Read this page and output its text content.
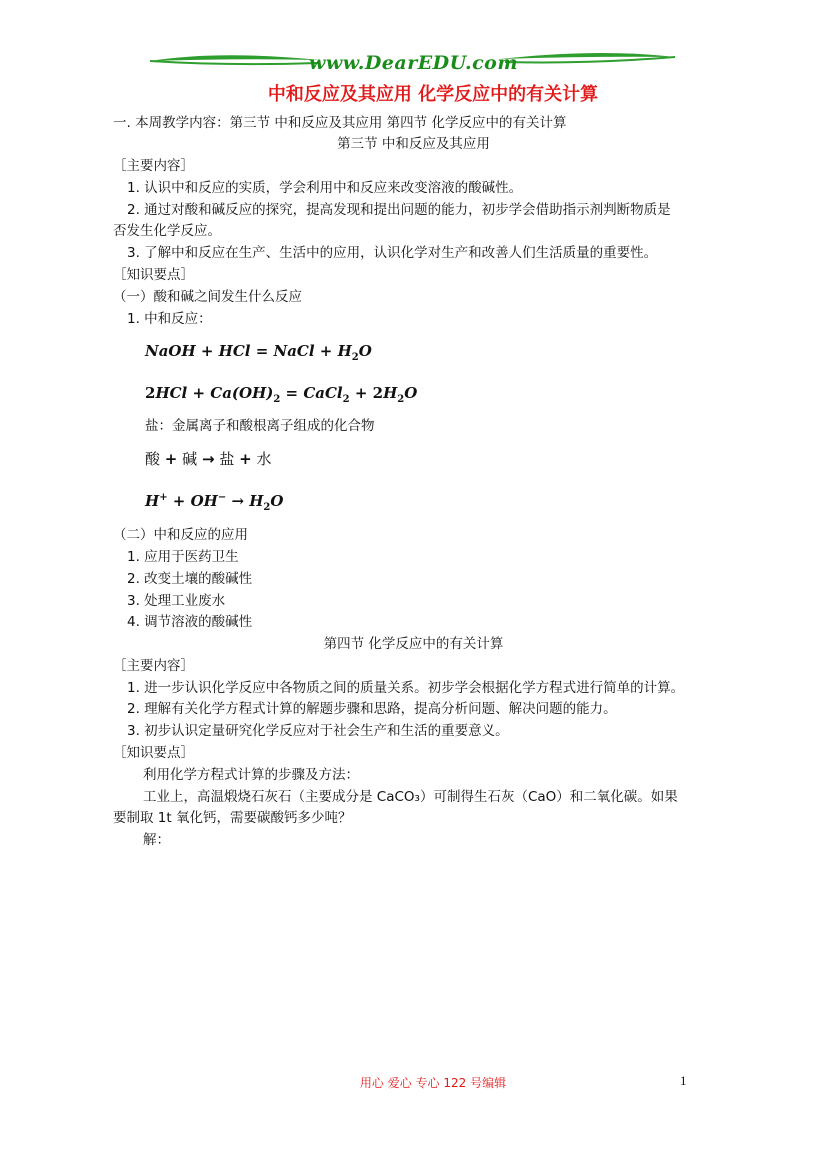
www.DearEDU.com
中和反应及其应用 化学反应中的有关计算
一. 本周教学内容：第三节 中和反应及其应用 第四节 化学反应中的有关计算
第三节 中和反应及其应用
［主要内容］
1. 认识中和反应的实质，学会利用中和反应来改变溶液的酸碱性。
2. 通过对酸和碱反应的探究，提高发现和提出问题的能力，初步学会借助指示剂判断物质是
否发生化学反应。
3. 了解中和反应在生产、生活中的应用，认识化学对生产和改善人们生活质量的重要性。
［知识要点］
（一）酸和碱之间发生什么反应
1. 中和反应：
NaOH + HCl = NaCl + $H_2O$
$2HCl + Ca(OH)_2$ = CaCl$_2$ + $2H_2O$
盐：金属离子和酸根离子组成的化合物
酸 + 碱 → 盐 + 水
$H^+ + OH^- \to H_2O$
（二）中和反应的应用
1. 应用于医药卫生
2. 改变土壤的酸碱性
3. 处理工业废水
4. 调节溶液的酸碱性
第四节 化学反应中的有关计算
［主要内容］
1. 进一步认识化学反应中各物质之间的质量关系。初步学会根据化学方程式进行简单的计算。
2. 理解有关化学方程式计算的解题步骤和思路，提高分析问题、解决问题的能力。
3. 初步认识定量研究化学反应对于社会生产和生活的重要意义。
［知识要点］
利用化学方程式计算的步骤及方法：
工业上，高温煅烧石灰石（主要成分是 CaCO₃）可制得生石灰（CaO）和二氧化碳。如果
要制取 1t 氧化钙，需要碳酸钙多少吨？
解：
用心 爱心 专心 122 号编辑	1
